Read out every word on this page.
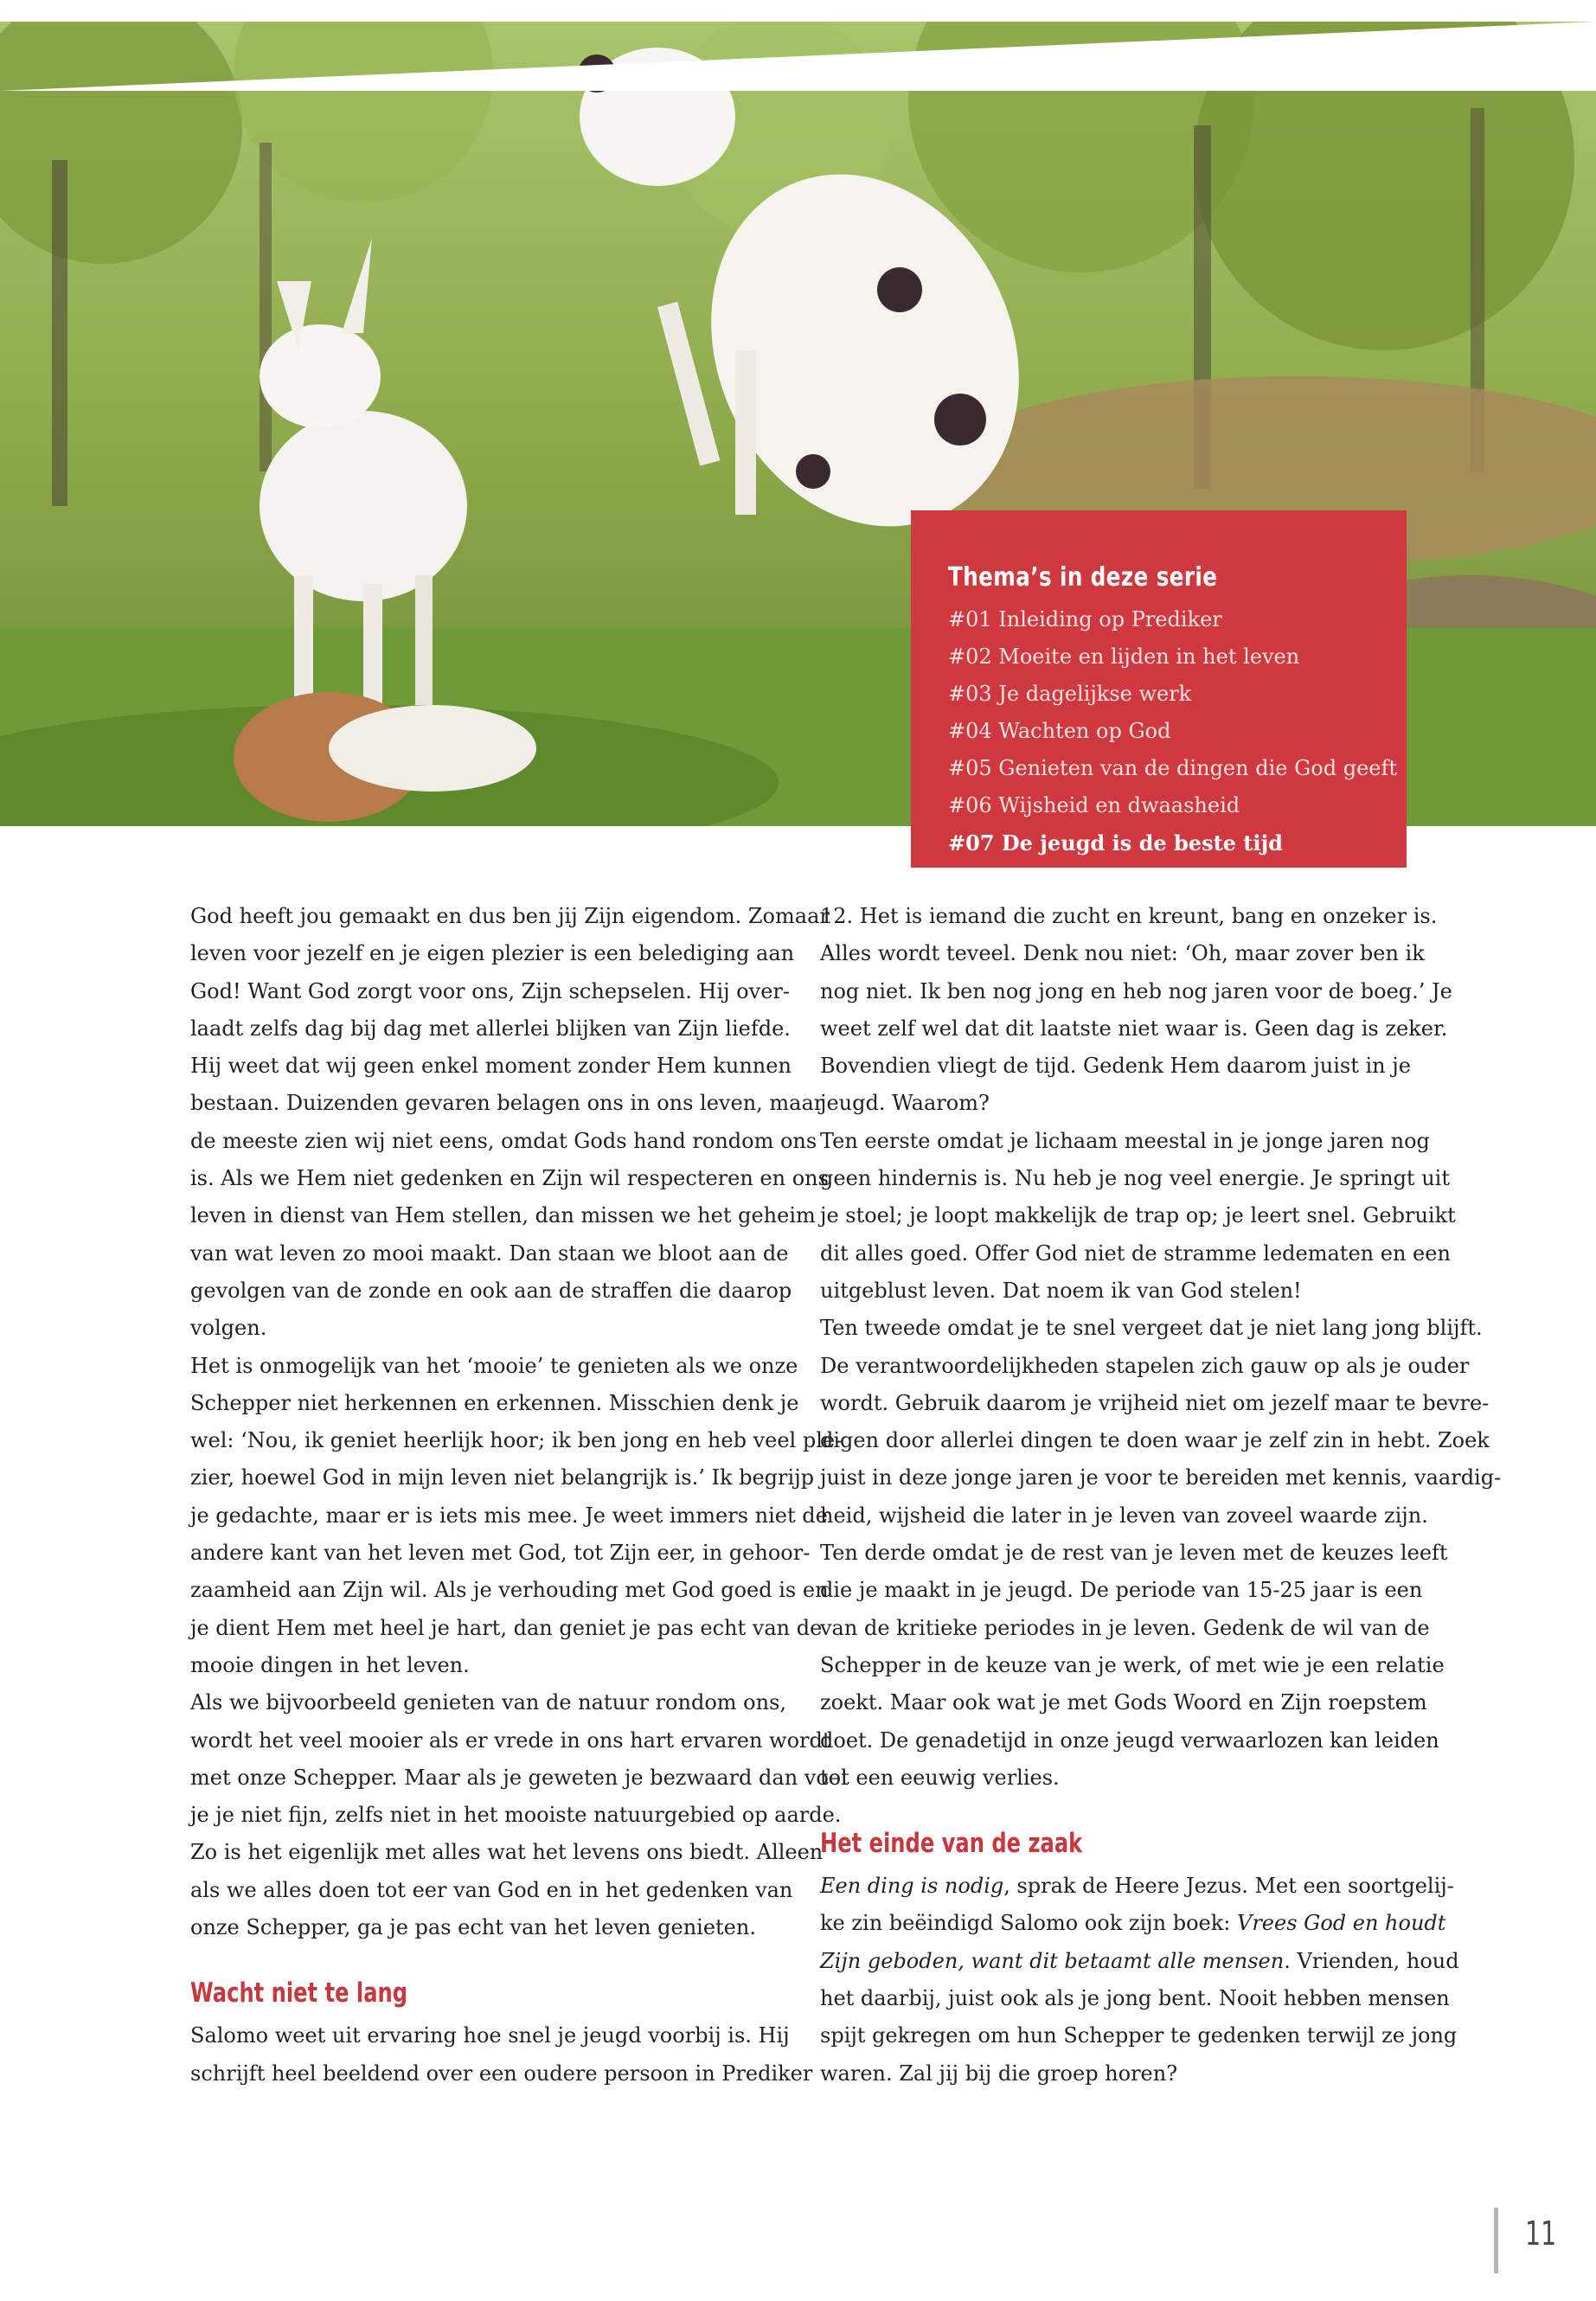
Thema’s in deze serie
#01 Inleiding op Prediker
#02 Moeite en lijden in het leven
#03 Je dagelijkse werk
#04 Wachten op God
#05 Genieten van de dingen die God geeft
#06 Wijsheid en dwaasheid
#07 De jeugd is de beste tijd

God heeft jou gemaakt en dus ben jij Zijn eigendom. Zomaar

leven voor jezelf en je eigen plezier is een belediging aan

God! Want God zorgt voor ons, Zijn schepselen. Hij over-

laadt zelfs dag bij dag met allerlei blijken van Zijn liefde.

Hij weet dat wij geen enkel moment zonder Hem kunnen

bestaan. Duizenden gevaren belagen ons in ons leven, maar

de meeste zien wij niet eens, omdat Gods hand rondom ons

is. Als we Hem niet gedenken en Zijn wil respecteren en ons

leven in dienst van Hem stellen, dan missen we het geheim

van wat leven zo mooi maakt. Dan staan we bloot aan de

gevolgen van de zonde en ook aan de straffen die daarop

volgen.

Het is onmogelijk van het ‘mooie’ te genieten als we onze

Schepper niet herkennen en erkennen. Misschien denk je

wel: ‘Nou, ik geniet heerlijk hoor; ik ben jong en heb veel ple-

zier, hoewel God in mijn leven niet belangrijk is.’ Ik begrijp

je gedachte, maar er is iets mis mee. Je weet immers niet de

andere kant van het leven met God, tot Zijn eer, in gehoor-

zaamheid aan Zijn wil. Als je verhouding met God goed is en

je dient Hem met heel je hart, dan geniet je pas echt van de

mooie dingen in het leven.

Als we bijvoorbeeld genieten van de natuur rondom ons,

wordt het veel mooier als er vrede in ons hart ervaren wordt

met onze Schepper. Maar als je geweten je bezwaard dan voel

je je niet fijn, zelfs niet in het mooiste natuurgebied op aarde.

Zo is het eigenlijk met alles wat het levens ons biedt. Alleen

als we alles doen tot eer van God en in het gedenken van

onze Schepper, ga je pas echt van het leven genieten.

Wacht niet te lang

Salomo weet uit ervaring hoe snel je jeugd voorbij is. Hij

schrijft heel beeldend over een oudere persoon in Prediker

12. Het is iemand die zucht en kreunt, bang en onzeker is.

Alles wordt teveel. Denk nou niet: ‘Oh, maar zover ben ik

nog niet. Ik ben nog jong en heb nog jaren voor de boeg.’ Je

weet zelf wel dat dit laatste niet waar is. Geen dag is zeker.

Bovendien vliegt de tijd. Gedenk Hem daarom juist in je

jeugd. Waarom?

Ten eerste omdat je lichaam meestal in je jonge jaren nog

geen hindernis is. Nu heb je nog veel energie. Je springt uit

je stoel; je loopt makkelijk de trap op; je leert snel. Gebruikt

dit alles goed. Offer God niet de stramme ledematen en een

uitgeblust leven. Dat noem ik van God stelen!

Ten tweede omdat je te snel vergeet dat je niet lang jong blijft.

De verantwoordelijkheden stapelen zich gauw op als je ouder

wordt. Gebruik daarom je vrijheid niet om jezelf maar te bevre-

digen door allerlei dingen te doen waar je zelf zin in hebt. Zoek

juist in deze jonge jaren je voor te bereiden met kennis, vaardig-

heid, wijsheid die later in je leven van zoveel waarde zijn.

Ten derde omdat je de rest van je leven met de keuzes leeft

die je maakt in je jeugd. De periode van 15-25 jaar is een

van de kritieke periodes in je leven. Gedenk de wil van de

Schepper in de keuze van je werk, of met wie je een relatie

zoekt. Maar ook wat je met Gods Woord en Zijn roepstem

doet. De genadetijd in onze jeugd verwaarlozen kan leiden

tot een eeuwig verlies.

Het einde van de zaak

Een ding is nodig, sprak de Heere Jezus. Met een soortgelij-

ke zin beëindigd Salomo ook zijn boek: Vrees God en houdt

Zijn geboden, want dit betaamt alle mensen. Vrienden, houd

het daarbij, juist ook als je jong bent. Nooit hebben mensen

spijt gekregen om hun Schepper te gedenken terwijl ze jong

waren. Zal jij bij die groep horen?

11
